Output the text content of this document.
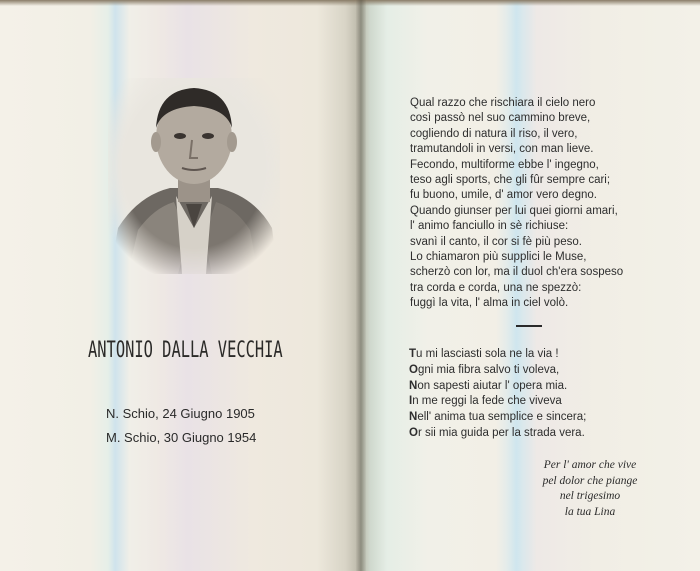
ANTONIO DALLA VECCHIA
N. Schio, 24 Giugno 1905
M. Schio, 30 Giugno 1954
Qual razzo che rischiara il cielo nero
così passò nel suo cammino breve,
cogliendo di natura il riso, il vero,
tramutandoli in versi, con man lieve.
Fecondo, multiforme ebbe l' ingegno,
teso agli sports, che gli fûr sempre cari;
fu buono, umile, d' amor vero degno.
Quando giunser per lui quei giorni amari,
l' animo fanciullo in sè richiuse:
svanì il canto, il cor si fè più peso.
Lo chiamaron più supplici le Muse,
scherzò con lor, ma il duol ch'era sospeso
tra corda e corda, una ne spezzò:
fuggì la vita, l' alma in ciel volò.
Tu mi lasciasti sola ne la via !
Ogni mia fibra salvo ti voleva,
Non sapesti aiutar l' opera mia.
In me reggi la fede che viveva
Nell' anima tua semplice e sincera;
Or sii mia guida per la strada vera.
Per l' amor che vive
pel dolor che piange
nel trigesimo
la tua Lina
